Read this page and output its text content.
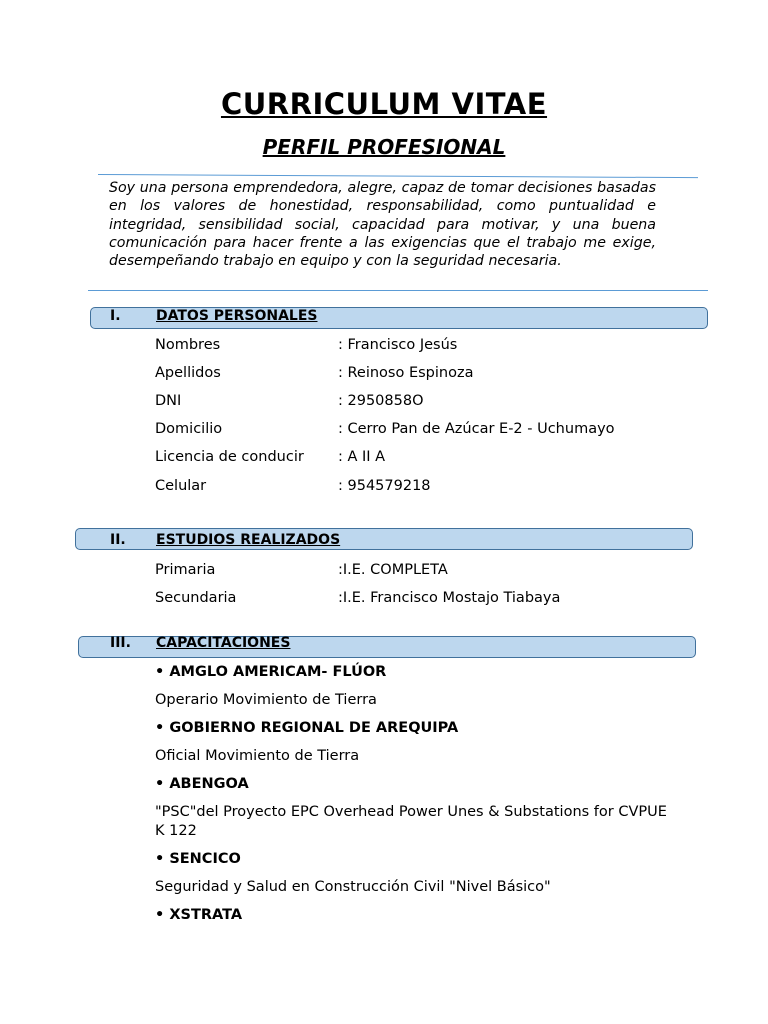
CURRICULUM VITAE
PERFIL PROFESIONAL

Soy una persona emprendedora, alegre, capaz de tomar decisiones basadas en los valores de honestidad, responsabilidad, como puntualidad e integridad, sensibilidad social, capacidad para motivar, y una buena comunicación para hacer frente a las exigencias que el trabajo me exige, desempeñando trabajo en equipo y con la seguridad necesaria.

I.	DATOS PERSONALES
Nombres	: Francisco Jesús
Apellidos	: Reinoso Espinoza
DNI	: 2950858O
Domicilio	: Cerro Pan de Azúcar E-2 - Uchumayo
Licencia de conducir : A II A
Celular	: 954579218
II. ESTUDIOS REALIZADOS
Primaria	:I.E. COMPLETA
Secundaria	:I.E. Francisco Mostajo Tiabaya
III. CAPACITACIONES
• AMGLO AMERICAM- FLÚOR
Operario Movimiento de Tierra
• GOBIERNO REGIONAL DE AREQUIPA
Oficial Movimiento de Tierra
• ABENGOA
"PSC"del Proyecto EPC Overhead Power Unes & Substations for CVPUE K 122
• SENCICO
Seguridad y Salud en Construcción Civil "Nivel Básico"
• XSTRATA
